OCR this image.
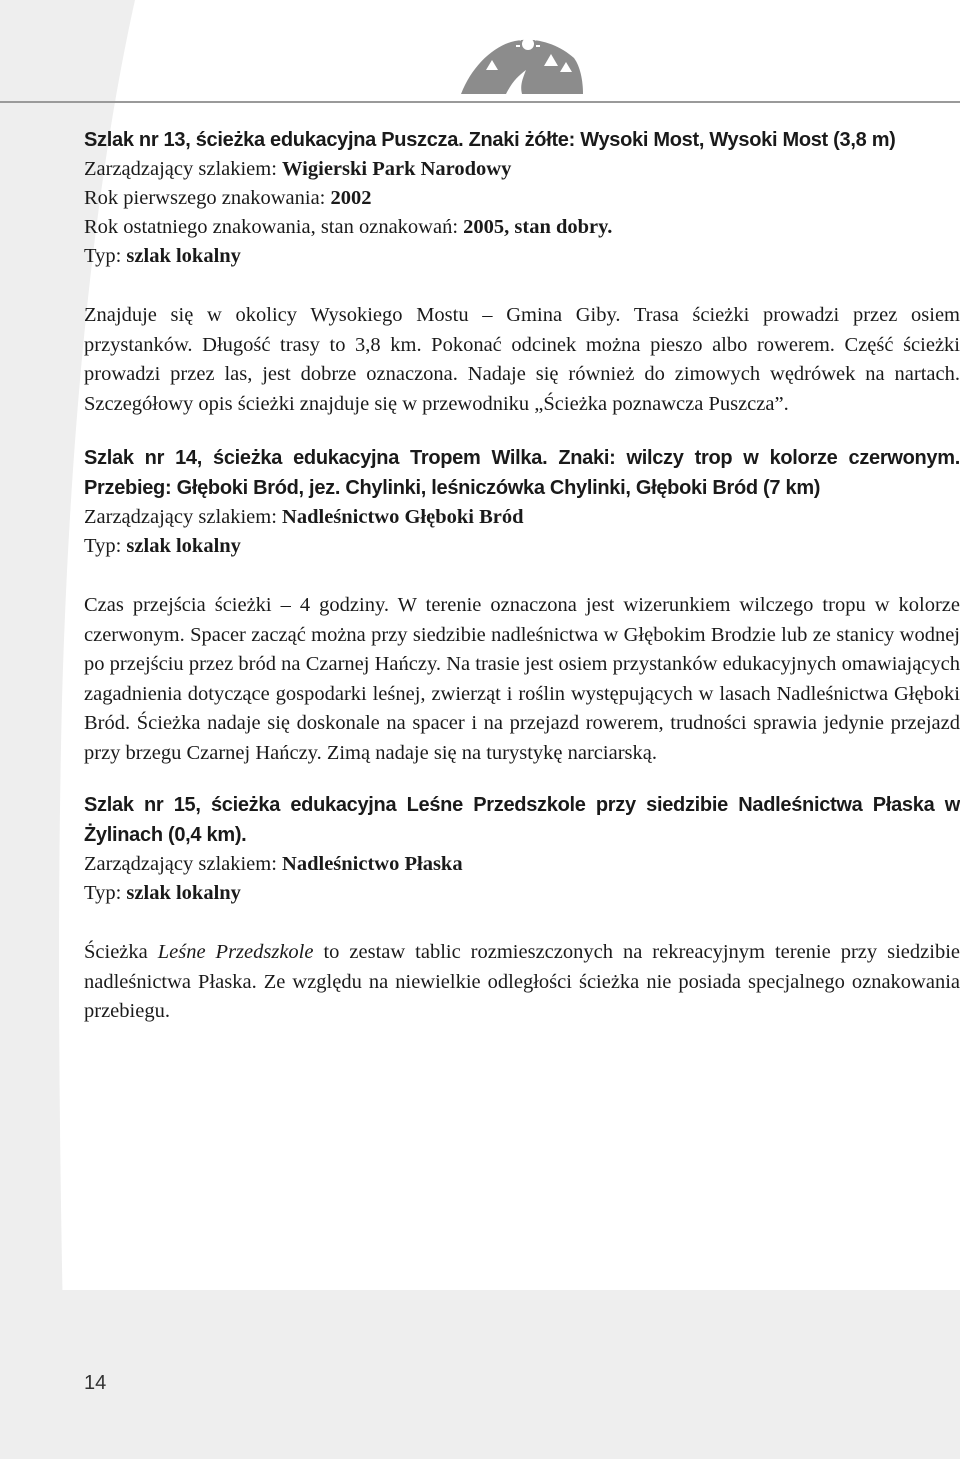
Szlak nr 13, ścieżka edukacyjna Puszcza. Znaki żółte: Wysoki Most, Wysoki Most (3,8 m)

Zarządzający szlakiem: Wigierski Park Narodowy

Rok pierwszego znakowania: 2002

Rok ostatniego znakowania, stan oznakowań: 2005, stan dobry.

Typ: szlak lokalny

Znajduje się w okolicy Wysokiego Mostu – Gmina Giby. Trasa ścieżki prowadzi przez osiem przystanków. Długość trasy to 3,8 km. Pokonać odcinek można pieszo albo rowerem. Część ścieżki prowadzi przez las, jest dobrze oznaczona. Nadaje się również do zimowych wędrówek na nartach. Szczegółowy opis ścieżki znajduje się w przewodniku „Ścieżka poznawcza Puszcza”.

Szlak nr 14, ścieżka edukacyjna Tropem Wilka. Znaki: wilczy trop w kolorze czerwonym. Przebieg: Głęboki Bród, jez. Chylinki, leśniczówka Chylinki, Głęboki Bród (7 km)

Zarządzający szlakiem: Nadleśnictwo Głęboki Bród

Typ: szlak lokalny

Czas przejścia ścieżki – 4 godziny. W terenie oznaczona jest wizerunkiem wilczego tropu w kolorze czerwonym. Spacer zacząć można przy siedzibie nadleśnictwa w Głębokim Brodzie lub ze stanicy wodnej po przejściu przez bród na Czarnej Hańczy. Na trasie jest osiem przystanków edukacyjnych omawiających zagadnienia dotyczące gospodarki leśnej, zwierząt i roślin występujących w lasach Nadleśnictwa Głęboki Bród. Ścieżka nadaje się doskonale na spacer i na przejazd rowerem, trudności sprawia jedynie przejazd przy brzegu Czarnej Hańczy. Zimą nadaje się na turystykę narciarską.

Szlak nr 15, ścieżka edukacyjna Leśne Przedszkole przy siedzibie Nadleśnictwa Płaska w Żylinach (0,4 km).

Zarządzający szlakiem: Nadleśnictwo Płaska

Typ: szlak lokalny

Ścieżka Leśne Przedszkole to zestaw tablic rozmieszczonych na rekreacyjnym terenie przy siedzibie nadleśnictwa Płaska. Ze względu na niewielkie odległości ścieżka nie posiada specjalnego oznakowania przebiegu.

14
